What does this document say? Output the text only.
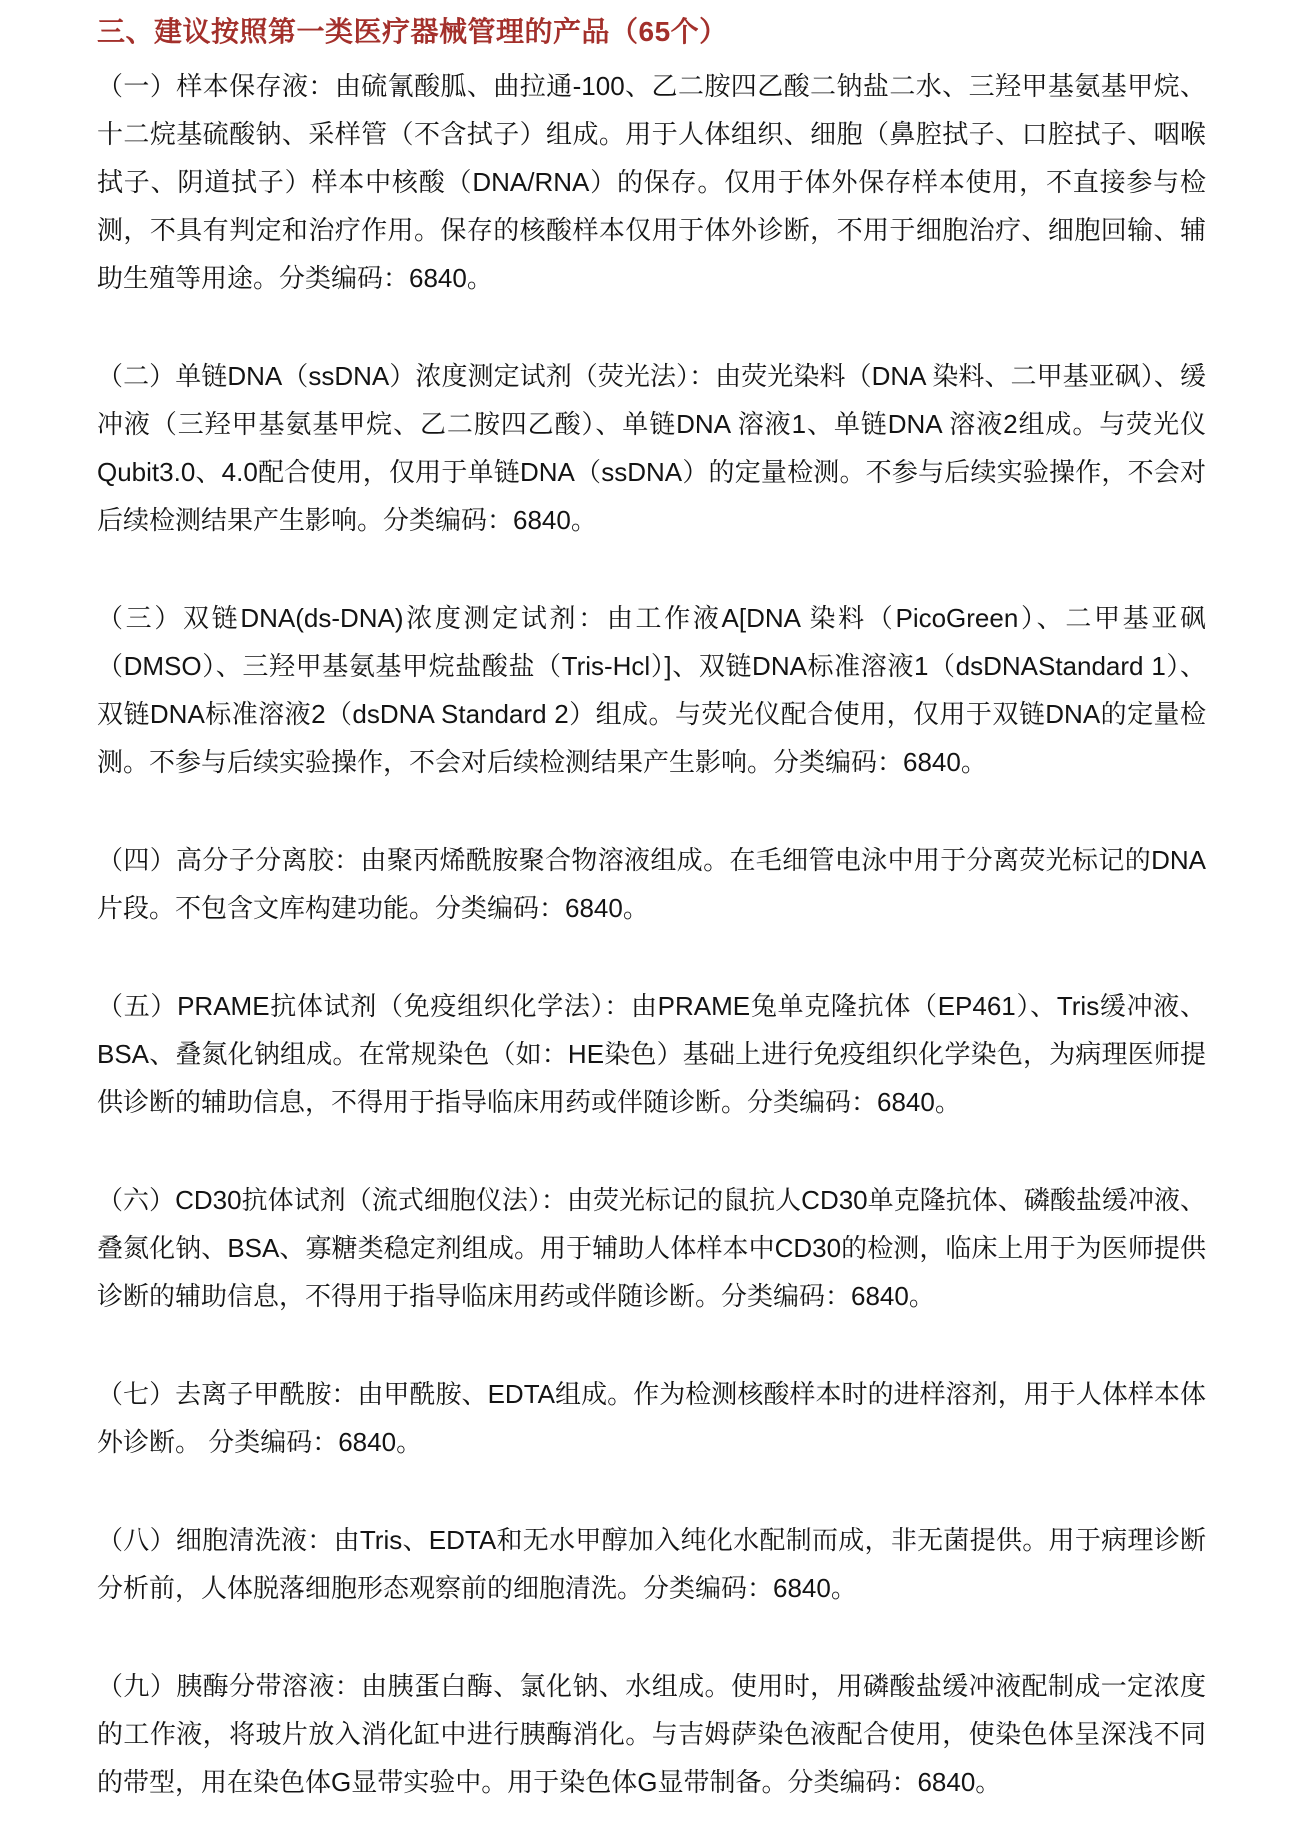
三、建议按照第一类医疗器械管理的产品（65个）

（一）样本保存液：由硫氰酸胍、曲拉通-100、乙二胺四乙酸二钠盐二水、三羟甲基氨基甲烷、十二烷基硫酸钠、采样管（不含拭子）组成。用于人体组织、细胞（鼻腔拭子、口腔拭子、咽喉拭子、阴道拭子）样本中核酸（DNA/RNA）的保存。仅用于体外保存样本使用，不直接参与检测，不具有判定和治疗作用。保存的核酸样本仅用于体外诊断，不用于细胞治疗、细胞回输、辅助生殖等用途。分类编码：6840。

（二）单链DNA（ssDNA）浓度测定试剂（荧光法）：由荧光染料（DNA 染料、二甲基亚砜）、缓冲液（三羟甲基氨基甲烷、乙二胺四乙酸）、单链DNA 溶液1、单链DNA 溶液2组成。与荧光仪Qubit3.0、4.0配合使用，仅用于单链DNA（ssDNA）的定量检测。不参与后续实验操作，不会对后续检测结果产生影响。分类编码：6840。

（三）双链DNA(ds-DNA)浓度测定试剂：由工作液A[DNA 染料（PicoGreen）、二甲基亚砜（DMSO）、三羟甲基氨基甲烷盐酸盐（Tris-Hcl）]、双链DNA标准溶液1（dsDNAStandard 1）、双链DNA标准溶液2（dsDNA Standard 2）组成。与荧光仪配合使用，仅用于双链DNA的定量检测。不参与后续实验操作，不会对后续检测结果产生影响。分类编码：6840。

（四）高分子分离胶：由聚丙烯酰胺聚合物溶液组成。在毛细管电泳中用于分离荧光标记的DNA片段。不包含文库构建功能。分类编码：6840。

（五）PRAME抗体试剂（免疫组织化学法）：由PRAME兔单克隆抗体（EP461）、Tris缓冲液、BSA、叠氮化钠组成。在常规染色（如：HE染色）基础上进行免疫组织化学染色，为病理医师提供诊断的辅助信息，不得用于指导临床用药或伴随诊断。分类编码：6840。

（六）CD30抗体试剂（流式细胞仪法）：由荧光标记的鼠抗人CD30单克隆抗体、磷酸盐缓冲液、叠氮化钠、BSA、寡糖类稳定剂组成。用于辅助人体样本中CD30的检测，临床上用于为医师提供诊断的辅助信息，不得用于指导临床用药或伴随诊断。分类编码：6840。

（七）去离子甲酰胺：由甲酰胺、EDTA组成。作为检测核酸样本时的进样溶剂，用于人体样本体外诊断。 分类编码：6840。

（八）细胞清洗液：由Tris、EDTA和无水甲醇加入纯化水配制而成，非无菌提供。用于病理诊断分析前，人体脱落细胞形态观察前的细胞清洗。分类编码：6840。

（九）胰酶分带溶液：由胰蛋白酶、氯化钠、水组成。使用时，用磷酸盐缓冲液配制成一定浓度的工作液，将玻片放入消化缸中进行胰酶消化。与吉姆萨染色液配合使用，使染色体呈深浅不同的带型，用在染色体G显带实验中。用于染色体G显带制备。分类编码：6840。
